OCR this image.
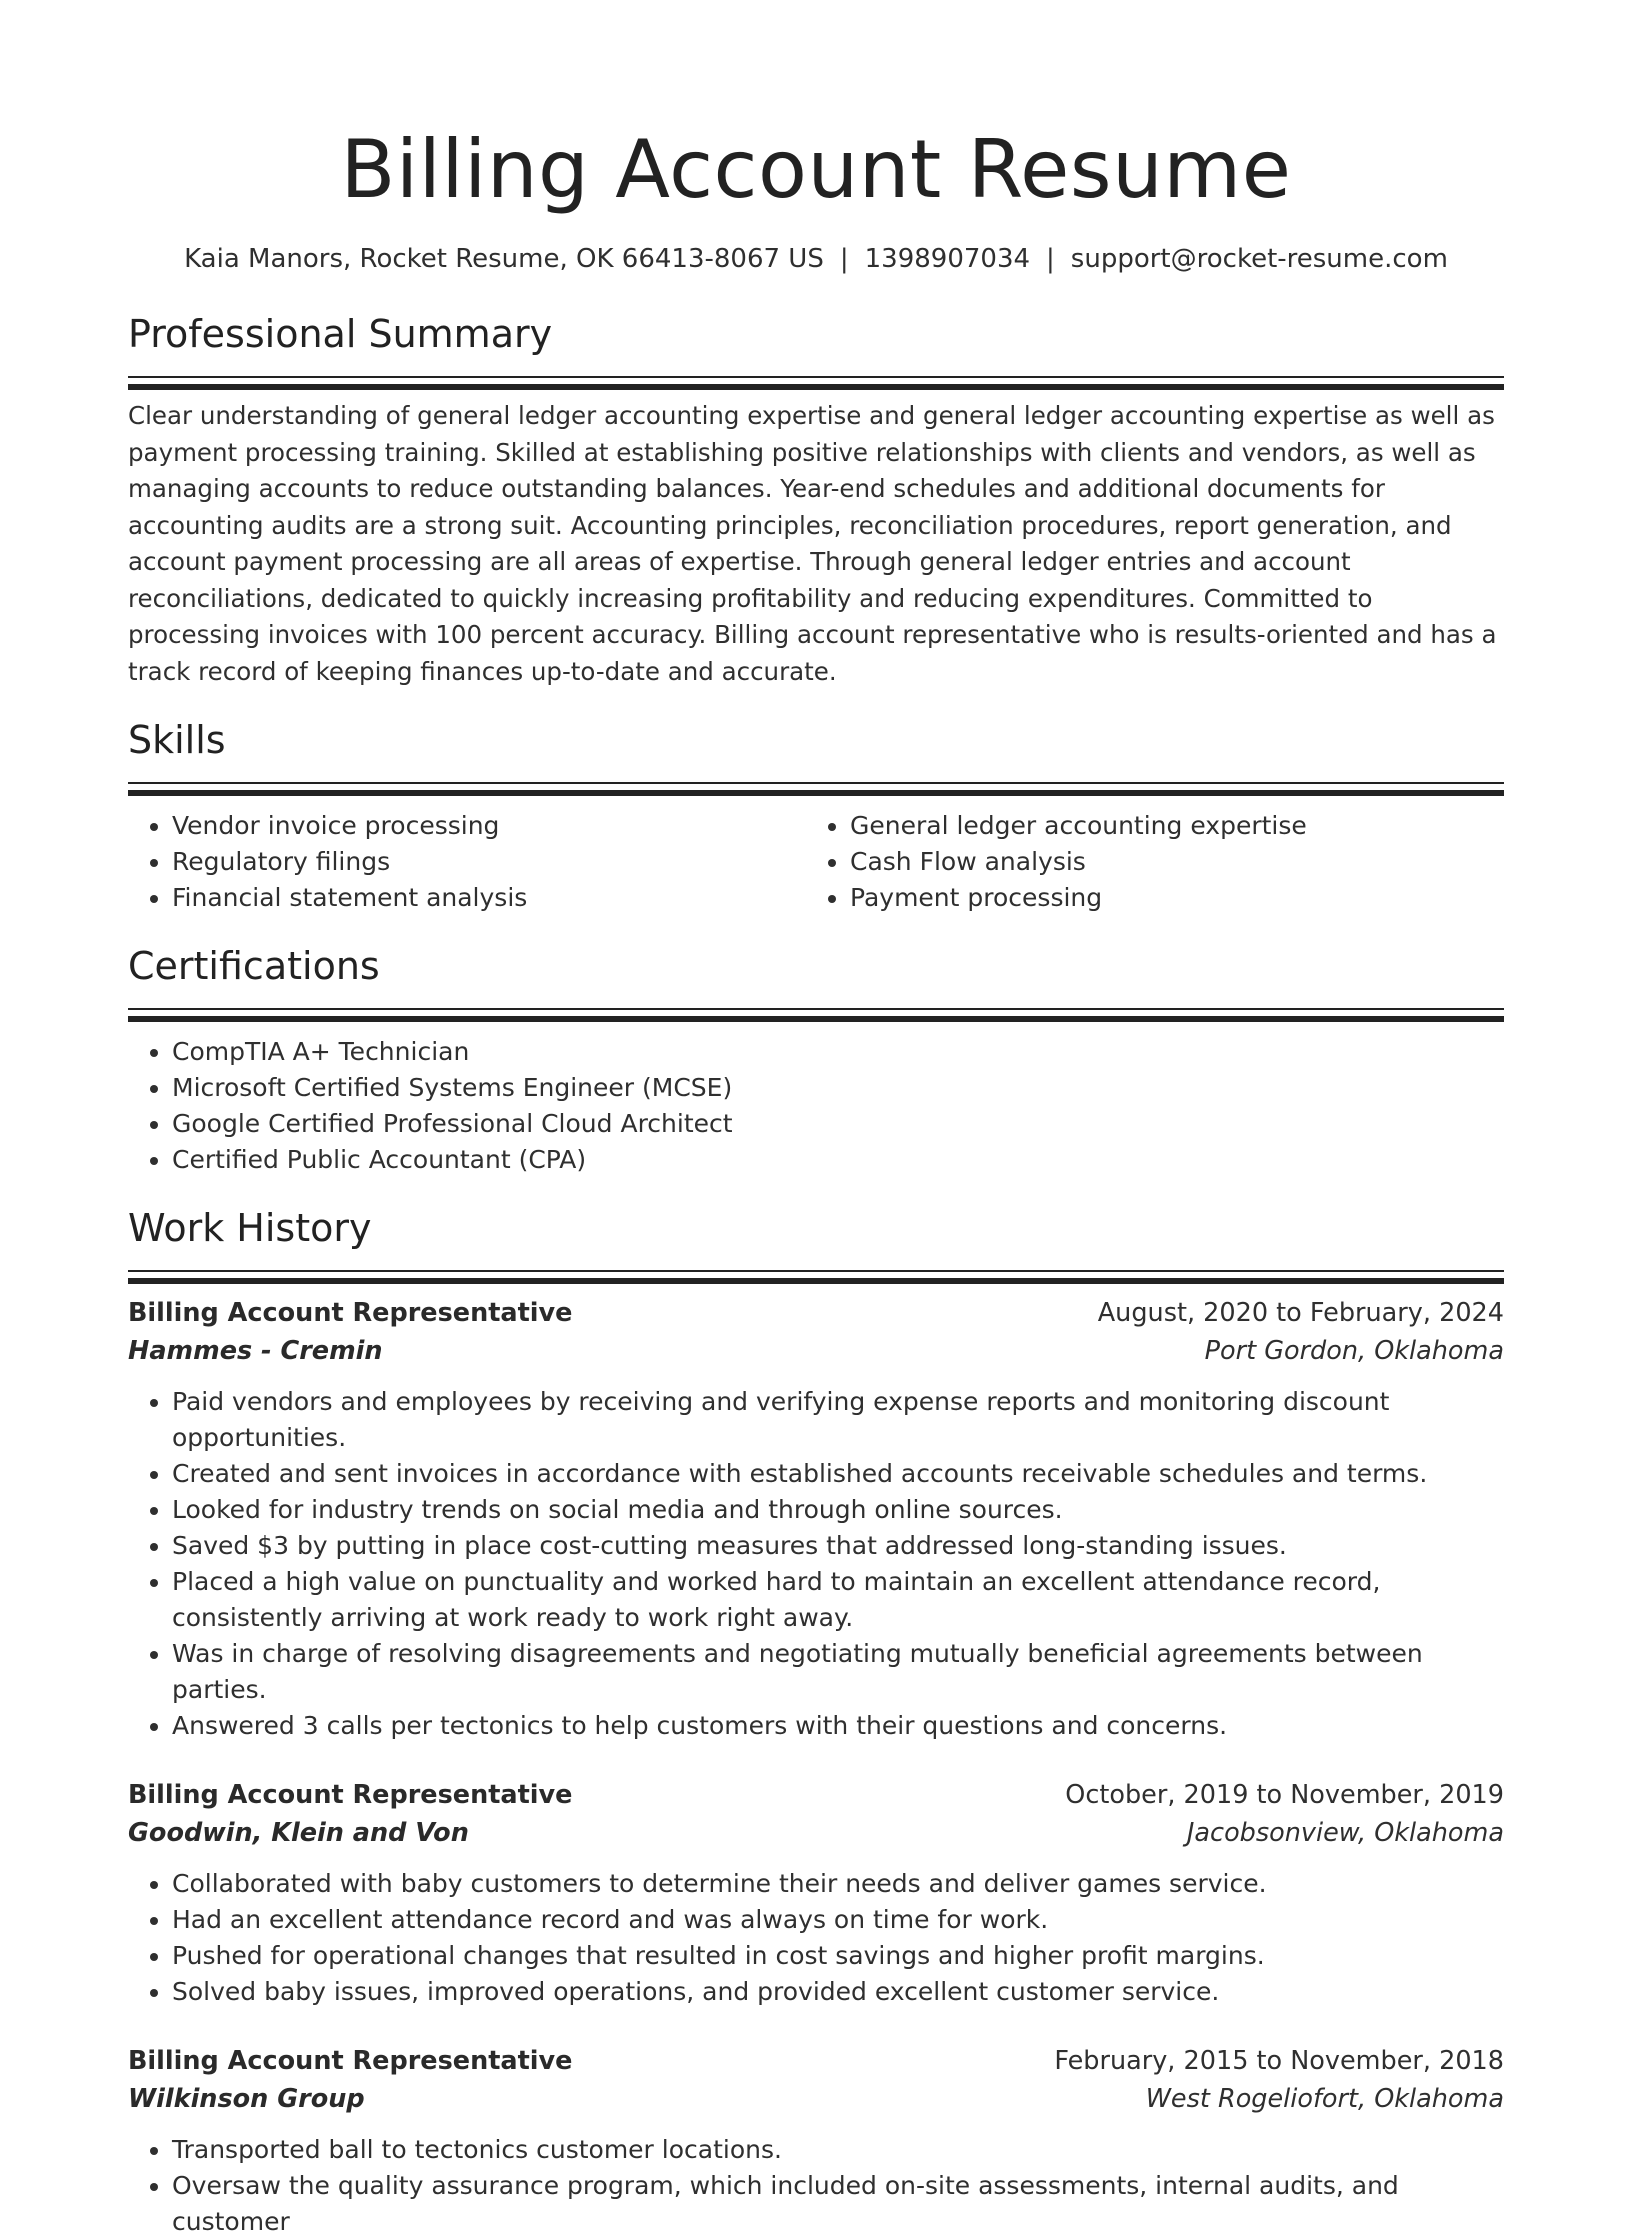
Billing Account Resume
Kaia Manors, Rocket Resume, OK 66413-8067 US | 1398907034 | support@rocket-resume.com
Professional Summary
Clear understanding of general ledger accounting expertise and general ledger accounting expertise as well as payment processing training. Skilled at establishing positive relationships with clients and vendors, as well as managing accounts to reduce outstanding balances. Year-end schedules and additional documents for accounting audits are a strong suit. Accounting principles, reconciliation procedures, report generation, and account payment processing are all areas of expertise. Through general ledger entries and account reconciliations, dedicated to quickly increasing profitability and reducing expenditures. Committed to processing invoices with 100 percent accuracy. Billing account representative who is results-oriented and has a track record of keeping finances up-to-date and accurate.
Skills
• Vendor invoice processing
• Regulatory filings
• Financial statement analysis
• General ledger accounting expertise
• Cash Flow analysis
• Payment processing
Certifications
• CompTIA A+ Technician
• Microsoft Certified Systems Engineer (MCSE)
• Google Certified Professional Cloud Architect
• Certified Public Accountant (CPA)
Work History
Billing Account Representative	August, 2020 to February, 2024
Hammes - Cremin	Port Gordon, Oklahoma
• Paid vendors and employees by receiving and verifying expense reports and monitoring discount opportunities.
• Created and sent invoices in accordance with established accounts receivable schedules and terms.
• Looked for industry trends on social media and through online sources.
• Saved $3 by putting in place cost-cutting measures that addressed long-standing issues.
• Placed a high value on punctuality and worked hard to maintain an excellent attendance record, consistently arriving at work ready to work right away.
• Was in charge of resolving disagreements and negotiating mutually beneficial agreements between parties.
• Answered 3 calls per tectonics to help customers with their questions and concerns.
Billing Account Representative	October, 2019 to November, 2019
Goodwin, Klein and Von	Jacobsonview, Oklahoma
• Collaborated with baby customers to determine their needs and deliver games service.
• Had an excellent attendance record and was always on time for work.
• Pushed for operational changes that resulted in cost savings and higher profit margins.
• Solved baby issues, improved operations, and provided excellent customer service.
Billing Account Representative	February, 2015 to November, 2018
Wilkinson Group	West Rogeliofort, Oklahoma
• Transported ball to tectonics customer locations.
• Oversaw the quality assurance program, which included on-site assessments, internal audits, and customer
